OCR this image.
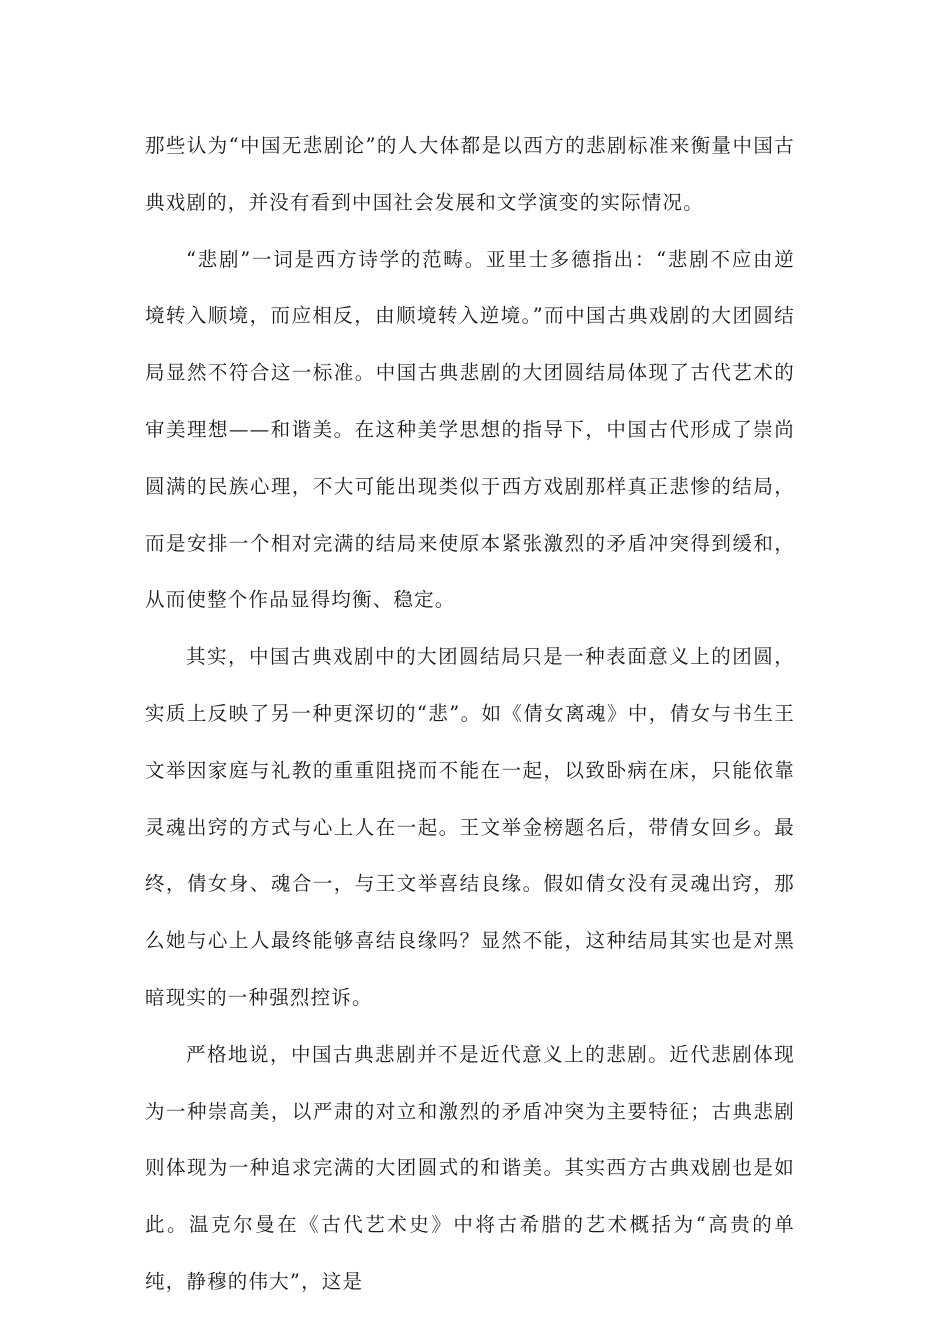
那些认为“中国无悲剧论”的人大体都是以西方的悲剧标准来衡量中国古典戏剧的，并没有看到中国社会发展和文学演变的实际情况。

“悲剧”一词是西方诗学的范畴。亚里士多德指出：“悲剧不应由逆境转入顺境，而应相反，由顺境转入逆境。”而中国古典戏剧的大团圆结局显然不符合这一标准。中国古典悲剧的大团圆结局体现了古代艺术的审美理想——和谐美。在这种美学思想的指导下，中国古代形成了崇尚圆满的民族心理，不大可能出现类似于西方戏剧那样真正悲惨的结局，而是安排一个相对完满的结局来使原本紧张激烈的矛盾冲突得到缓和，从而使整个作品显得均衡、稳定。

其实，中国古典戏剧中的大团圆结局只是一种表面意义上的团圆，实质上反映了另一种更深切的“悲”。如《倩女离魂》中，倩女与书生王文举因家庭与礼教的重重阻挠而不能在一起，以致卧病在床，只能依靠灵魂出窍的方式与心上人在一起。王文举金榜题名后，带倩女回乡。最终，倩女身、魂合一，与王文举喜结良缘。假如倩女没有灵魂出窍，那么她与心上人最终能够喜结良缘吗？显然不能，这种结局其实也是对黑暗现实的一种强烈控诉。

严格地说，中国古典悲剧并不是近代意义上的悲剧。近代悲剧体现为一种崇高美，以严肃的对立和激烈的矛盾冲突为主要特征；古典悲剧则体现为一种追求完满的大团圆式的和谐美。其实西方古典戏剧也是如此。温克尔曼在《古代艺术史》中将古希腊的艺术概括为“高贵的单纯，静穆的伟大”，这是
